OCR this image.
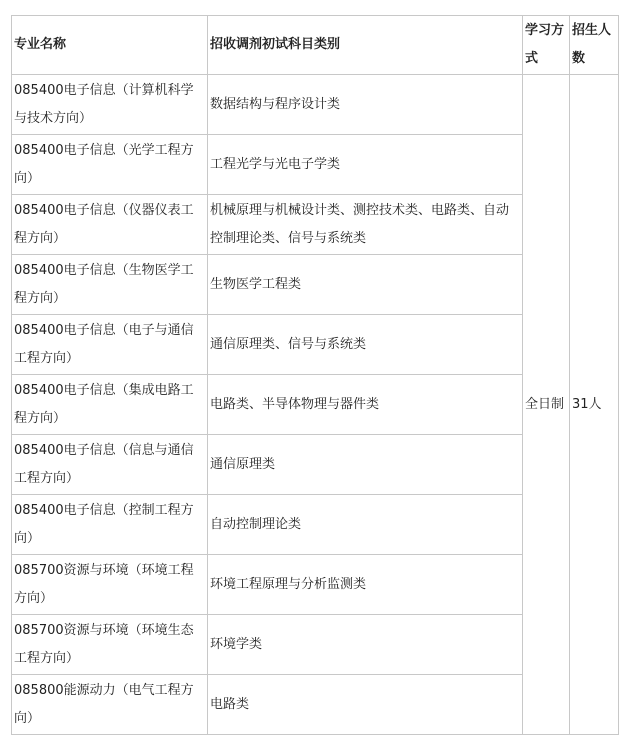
专业名称	招收调剂初试科目类别	学习方式	招生人数
085400电子信息（计算机科学与技术方向）	数据结构与程序设计类	全日制	31人
085400电子信息（光学工程方向）	工程光学与光电子学类		
085400电子信息（仪器仪表工程方向）	机械原理与机械设计类、测控技术类、电路类、自动控制理论类、信号与系统类		
085400电子信息（生物医学工程方向）	生物医学工程类		
085400电子信息（电子与通信工程方向）	通信原理类、信号与系统类		
085400电子信息（集成电路工程方向）	电路类、半导体物理与器件类		
085400电子信息（信息与通信工程方向）	通信原理类		
085400电子信息（控制工程方向）	自动控制理论类		
085700资源与环境（环境工程方向）	环境工程原理与分析监测类		
085700资源与环境（环境生态工程方向）	环境学类		
085800能源动力（电气工程方向）	电路类		
